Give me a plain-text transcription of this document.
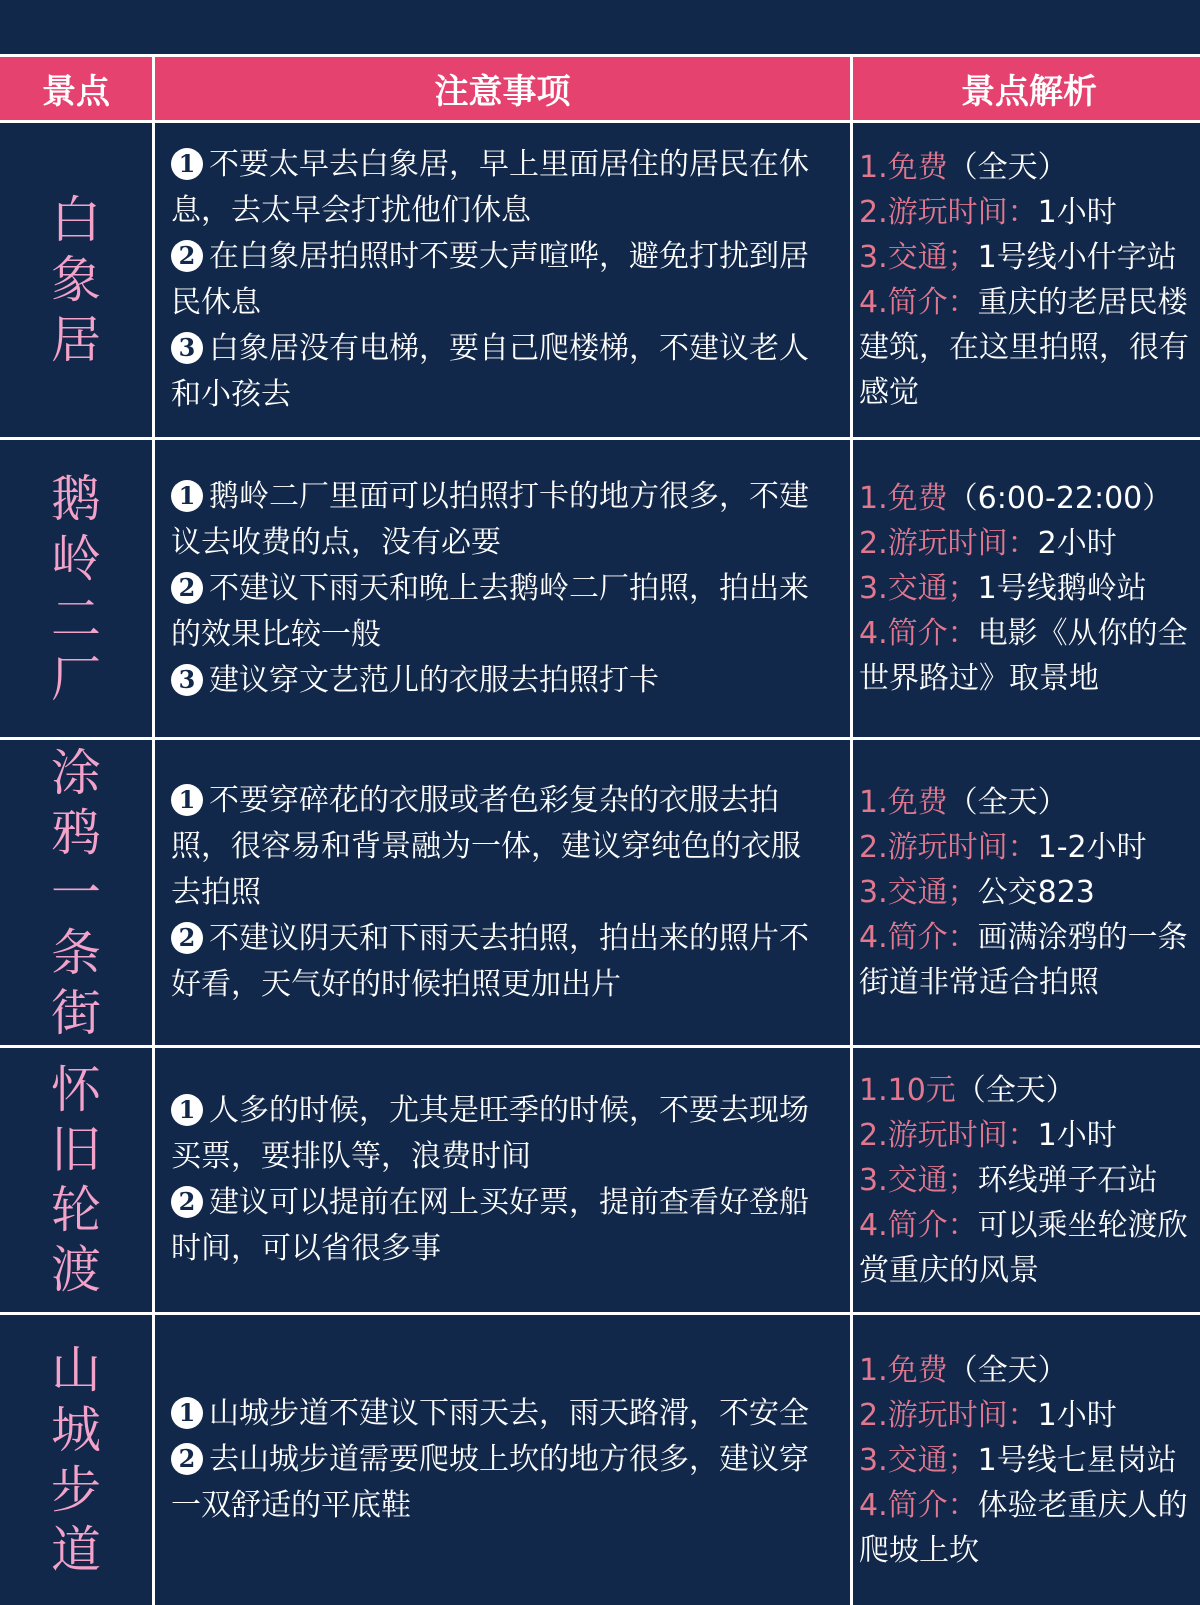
景点	注意事项	景点解析
白
象
居
1 不要太早去白象居，早上里面居住的居民在休息，去太早会打扰他们休息
2 在白象居拍照时不要大声喧哗，避免打扰到居民休息
3 白象居没有电梯，要自己爬楼梯，不建议老人和小孩去
1.免费（全天）
2.游玩时间：1小时
3.交通；1号线小什字站
4.简介：重庆的老居民楼建筑，在这里拍照，很有感觉
鹅
岭
二
厂
1 鹅岭二厂里面可以拍照打卡的地方很多，不建议去收费的点，没有必要
2 不建议下雨天和晚上去鹅岭二厂拍照，拍出来的效果比较一般
3 建议穿文艺范儿的衣服去拍照打卡
1.免费（6:00-22:00）
2.游玩时间：2小时
3.交通；1号线鹅岭站
4.简介：电影《从你的全世界路过》取景地
涂
鸦
一
条
街
1 不要穿碎花的衣服或者色彩复杂的衣服去拍照，很容易和背景融为一体，建议穿纯色的衣服去拍照
2 不建议阴天和下雨天去拍照，拍出来的照片不好看，天气好的时候拍照更加出片
1.免费（全天）
2.游玩时间：1-2小时
3.交通；公交823
4.简介：画满涂鸦的一条街道非常适合拍照
怀
旧
轮
渡
1 人多的时候，尤其是旺季的时候，不要去现场买票，要排队等，浪费时间
2 建议可以提前在网上买好票，提前查看好登船时间，可以省很多事
1.10元（全天）
2.游玩时间：1小时
3.交通；环线弹子石站
4.简介：可以乘坐轮渡欣赏重庆的风景
山
城
步
道
1 山城步道不建议下雨天去，雨天路滑，不安全
2 去山城步道需要爬坡上坎的地方很多，建议穿一双舒适的平底鞋
1.免费（全天）
2.游玩时间：1小时
3.交通；1号线七星岗站
4.简介：体验老重庆人的爬坡上坎
